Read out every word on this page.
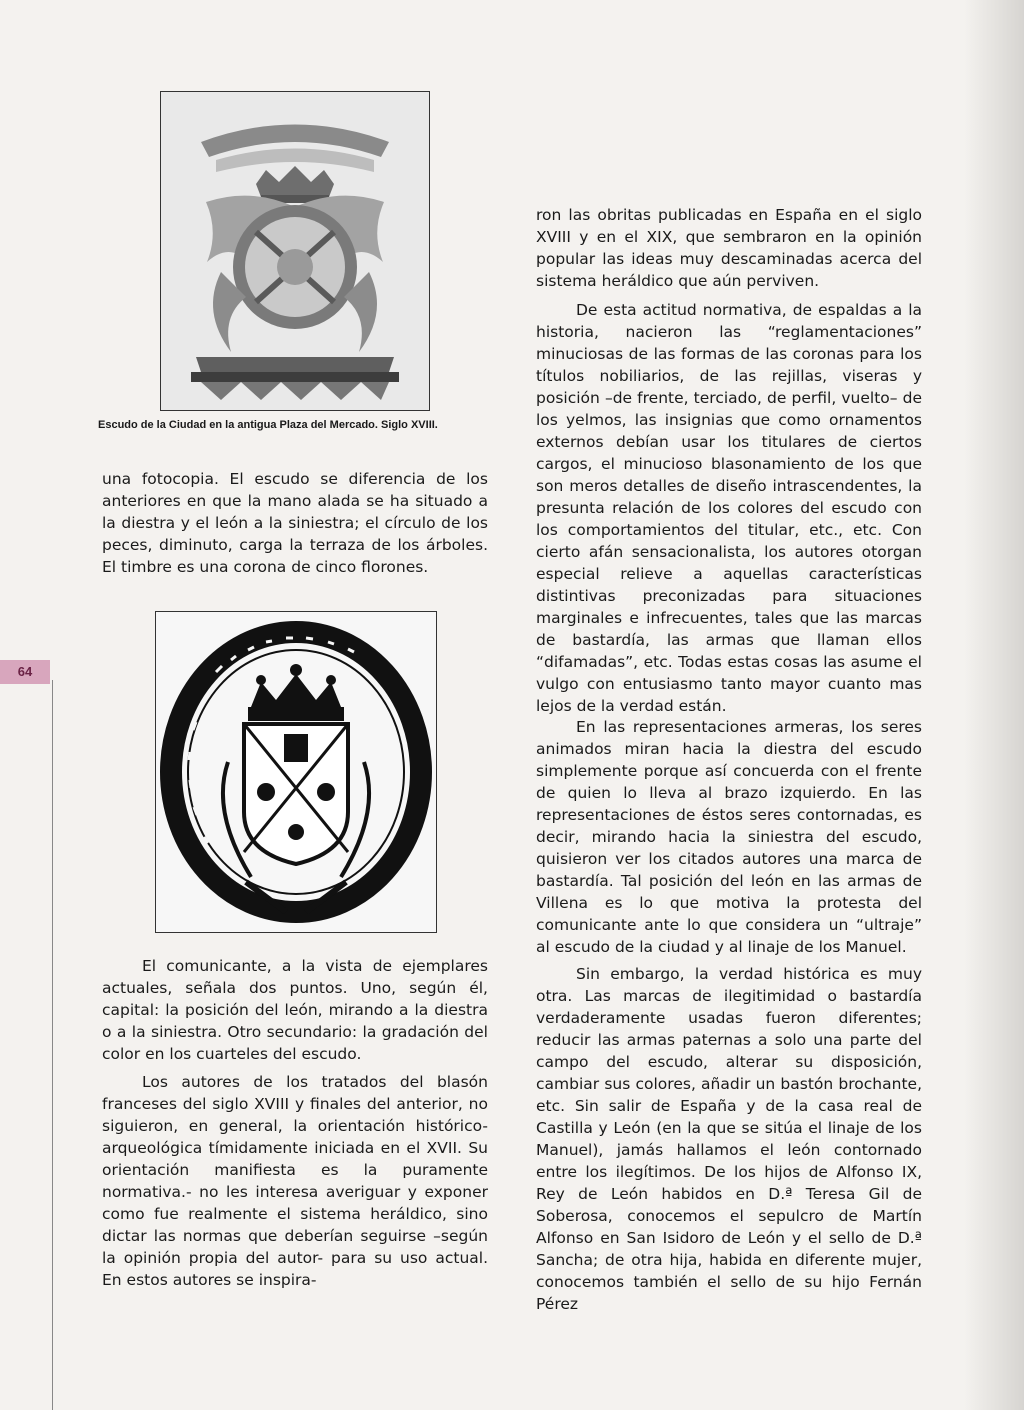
64
Escudo de la Ciudad en la antigua Plaza del Mercado. Siglo XVIII.

una fotocopia. El escudo se diferencia de los anteriores en que la mano alada se ha situado a la diestra y el león a la siniestra; el círculo de los peces, diminuto, carga la terraza de los árboles. El timbre es una corona de cinco florones.

El comunicante, a la vista de ejemplares actuales, señala dos puntos. Uno, según él, capital: la posición del león, mirando a la diestra o a la siniestra. Otro secundario: la gradación del color en los cuarteles del escudo.

Los autores de los tratados del blasón franceses del siglo XVIII y finales del anterior, no siguieron, en general, la orientación histórico-arqueológica tímidamente iniciada en el XVII. Su orientación manifiesta es la puramente normativa.- no les interesa averiguar y exponer como fue realmente el sistema heráldico, sino dictar las normas que deberían seguirse –según la opinión propia del autor- para su uso actual. En estos autores se inspira-

ron las obritas publicadas en España en el siglo XVIII y en el XIX, que sembraron en la opinión popular las ideas muy descaminadas acerca del sistema heráldico que aún perviven.

De esta actitud normativa, de espaldas a la historia, nacieron las “reglamentaciones” minuciosas de las formas de las coronas para los títulos nobiliarios, de las rejillas, viseras y posición –de frente, terciado, de perfil, vuelto– de los yelmos, las insignias que como ornamentos externos debían usar los titulares de ciertos cargos, el minucioso blasonamiento de los que son meros detalles de diseño intrascendentes, la presunta relación de los colores del escudo con los comportamientos del titular, etc., etc. Con cierto afán sensacionalista, los autores otorgan especial relieve a aquellas características distintivas preconizadas para situaciones marginales e infrecuentes, tales que las marcas de bastardía, las armas que llaman ellos “difamadas”, etc. Todas estas cosas las asume el vulgo con entusiasmo tanto mayor cuanto mas lejos de la verdad están.

En las representaciones armeras, los seres animados miran hacia la diestra del escudo simplemente porque así concuerda con el frente de quien lo lleva al brazo izquierdo. En las representaciones de éstos seres contornadas, es decir, mirando hacia la siniestra del escudo, quisieron ver los citados autores una marca de bastardía. Tal posición del león en las armas de Villena es lo que motiva la protesta del comunicante ante lo que considera un “ultraje” al escudo de la ciudad y al linaje de los Manuel.

Sin embargo, la verdad histórica es muy otra. Las marcas de ilegitimidad o bastardía verdaderamente usadas fueron diferentes; reducir las armas paternas a solo una parte del campo del escudo, alterar su disposición, cambiar sus colores, añadir un bastón brochante, etc. Sin salir de España y de la casa real de Castilla y León (en la que se sitúa el linaje de los Manuel), jamás hallamos el león contornado entre los ilegítimos. De los hijos de Alfonso IX, Rey de León habidos en D.ª Teresa Gil de Soberosa, conocemos el sepulcro de Martín Alfonso en San Isidoro de León y el sello de D.ª Sancha; de otra hija, habida en diferente mujer, conocemos también el sello de su hijo Fernán Pérez
